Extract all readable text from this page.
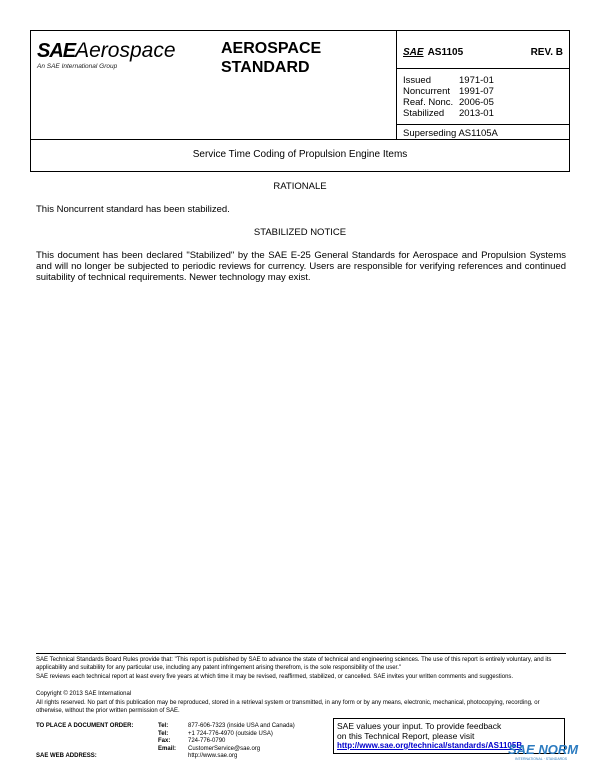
SAEAerospace
An SAE International Group
AEROSPACE
STANDARD
SAE AS1105	REV. B
Issued	1971-01
Noncurrent 1991-07
Reaf. Nonc. 2006-05
Stabilized 2013-01
Superseding AS1105A
Service Time Coding of Propulsion Engine Items
RATIONALE
This Noncurrent standard has been stabilized.
STABILIZED NOTICE
This document has been declared "Stabilized" by the SAE E-25 General Standards for Aerospace and Propulsion Systems and will no longer be subjected to periodic reviews for currency. Users are responsible for verifying references and continued suitability of technical requirements. Newer technology may exist.
SAE Technical Standards Board Rules provide that: "This report is published by SAE to advance the state of technical and engineering sciences. The use of this report is entirely voluntary, and its applicability and suitability for any particular use, including any patent infringement arising therefrom, is the sole responsibility of the user."
SAE reviews each technical report at least every five years at which time it may be revised, reaffirmed, stabilized, or cancelled. SAE invites your written comments and suggestions.
Copyright © 2013 SAE International
All rights reserved. No part of this publication may be reproduced, stored in a retrieval system or transmitted, in any form or by any means, electronic, mechanical, photocopying, recording, or otherwise, without the prior written permission of SAE.
TO PLACE A DOCUMENT ORDER:	Tel:	877-606-7323 (inside USA and Canada)
Tel:	+1 724-776-4970 (outside USA)
Fax:	724-776-0790
Email: CustomerService@sae.org
SAE WEB ADDRESS:	http://www.sae.org
SAE values your input. To provide feedback
on this Technical Report, please visit
http://www.sae.org/technical/standards/AS1105B
SAE NORM
INTERNATIONAL · STANDARDS
